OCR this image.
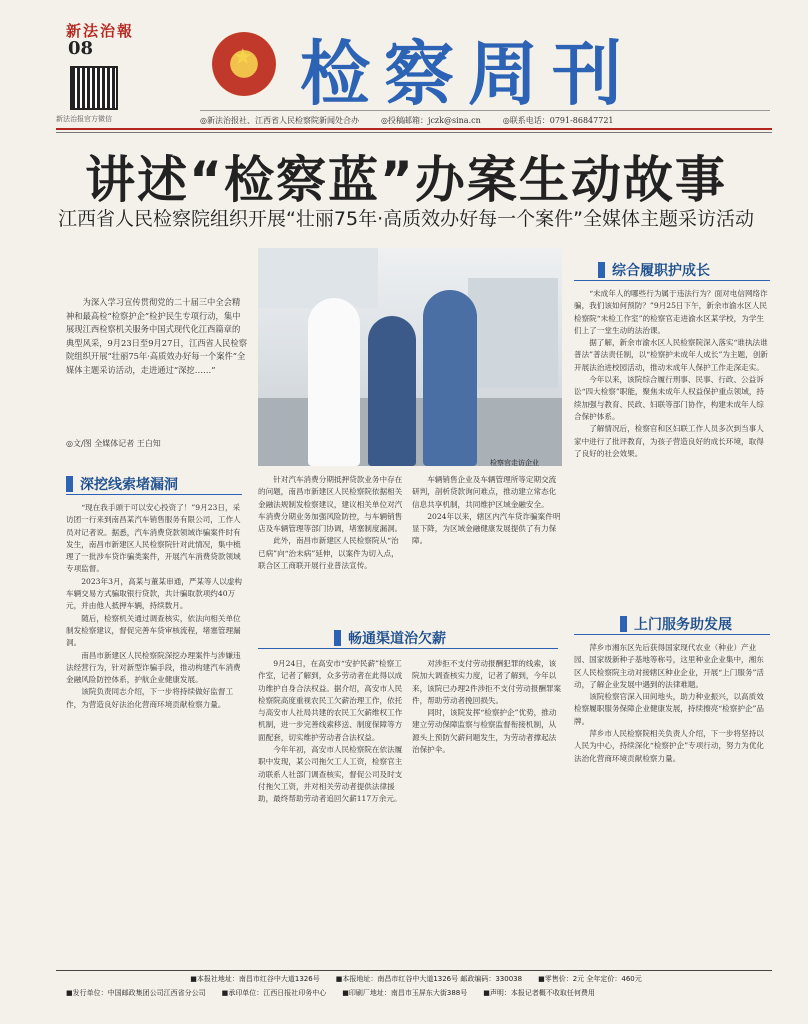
新法治報
08
新法治报官方微信
★ 检察周刊
◎新法治报社、江西省人民检察院新闻处合办	◎投稿邮箱：jczk@sina.cn	◎联系电话：0791-86847721
讲述“检察蓝”办案生动故事
江西省人民检察院组织开展“壮丽75年·高质效办好每一个案件”全媒体主题采访活动
为深入学习宣传贯彻党的二十届三中全会精神和最高检“检察护企”检护民生专项行动，集中展现江西检察机关服务中国式现代化江西篇章的典型风采，9月23日至9月27日，江西省人民检察院组织开展“壮丽75年·高质效办好每一个案件”全媒体主题采访活动，走进通过“深挖……”
◎文/图 全媒体记者 王白知
检察官走访企业
深挖线索堵漏洞

“现在我手頭于可以安心投资了！”9月23日，采访团一行来到南昌某汽车销售服务有限公司，工作人员对记者说。据悉，汽车消费贷款领域诈骗案件时有发生，南昌市新建区人民检察院针对此情况，集中梳理了一批涉车贷诈骗类案件，开展汽车消费贷款领域专项监督。

2023年3月，高某与董某串通，严某等人以虚构车辆交易方式骗取银行贷款，共计骗取款项约40万元，并由他人抵押车辆，持续数月。

随后，检察机关通过调查核实，依法向相关单位制发检察建议，督促完善车贷审核流程，堵塞管理漏洞。

南昌市新建区人民检察院深挖办理案件与涉嫌违法经营行为，针对新型诈骗手段，推动构建汽车消费金融风险防控体系，护航企业健康发展。

该院负责同志介绍，下一步将持续做好监督工作，为营造良好法治化营商环境贡献检察力量。

针对汽车消费分期抵押贷款业务中存在的问题，南昌市新建区人民检察院依据相关金融法规制发检察建议，建议相关单位对汽车消费分期业务加强风险防控，与车辆销售店及车辆管理等部门协调，堵塞制度漏洞。

此外，南昌市新建区人民检察院从“治已病”向“治未病”延伸，以案件为切入点，联合区工商联开展行业普法宣传。

车辆销售企业及车辆管理所等定期交流研判，剖析贷款询问难点，推动建立常态化信息共享机制，共同维护区域金融安全。

2024年以来，辖区内汽车贷诈骗案件明显下降，为区域金融健康发展提供了有力保障。

畅通渠道治欠薪

9月24日，在高安市“安护民薪”检察工作室，记者了解到，众多劳动者在此得以成功维护自身合法权益。据介绍，高安市人民检察院高度重视农民工欠薪治理工作，依托与高安市人社局共建的农民工欠薪维权工作机制，进一步完善线索移送、制度保障等方面配套，切实维护劳动者合法权益。

今年年初，高安市人民检察院在依法履职中发现，某公司拖欠工人工资，检察官主动联系人社部门调查核实，督促公司及时支付拖欠工资，并对相关劳动者提供法律援助，最终帮助劳动者追回欠薪117万余元。

对涉拒不支付劳动报酬犯罪的线索，该院加大调查核实力度，记者了解到，今年以来，该院已办理2件涉拒不支付劳动报酬罪案件，帮助劳动者挽回损失。

同时，该院发挥“检察护企”优势，推动建立劳动保障监察与检察监督衔接机制，从源头上预防欠薪问题发生，为劳动者撑起法治保护伞。

综合履职护成长

“未成年人的哪些行为属于违法行为？面对电信网络诈骗，我们该如何预防？”9月25日下午，新余市渝水区人民检察院“未检工作室”的检察官走进渝水区某学校，为学生们上了一堂生动的法治课。

据了解，新余市渝水区人民检察院深入落实“谁执法谁普法”普法责任制，以“检察护未成年人成长”为主题，创新开展法治进校园活动，推动未成年人保护工作走深走实。

今年以来，该院综合履行刑事、民事、行政、公益诉讼“四大检察”职能，聚焦未成年人权益保护重点领域，持续加强与教育、民政、妇联等部门协作，构建未成年人综合保护体系。

了解情况后，检察官和区妇联工作人员多次到当事人家中进行了批评教育，为孩子营造良好的成长环境，取得了良好的社会效果。

上门服务助发展

萍乡市湘东区先后获得国家现代农业（种业）产业园、国家级新种子基地等称号，这里种业企业集中，湘东区人民检察院主动对接辖区种业企业，开展“上门服务”活动，了解企业发展中遇到的法律难题。

该院检察官深入田间地头，助力种业振兴，以高质效检察履职服务保障企业健康发展，持续擦亮“检察护企”品牌。

萍乡市人民检察院相关负责人介绍，下一步将坚持以人民为中心，持续深化“检察护企”专项行动，努力为优化法治化营商环境贡献检察力量。

■本报社地址：南昌市红谷中大道1326号 ■本报地址：南昌市红谷中大道1326号 邮政编码：330038 ■零售价：2元 全年定价：460元
■发行单位：中国邮政集团公司江西省分公司 ■承印单位：江西日报社印务中心 ■印刷厂地址：南昌市玉屏东大街388号 ■声明：本报记者概不收取任何费用
